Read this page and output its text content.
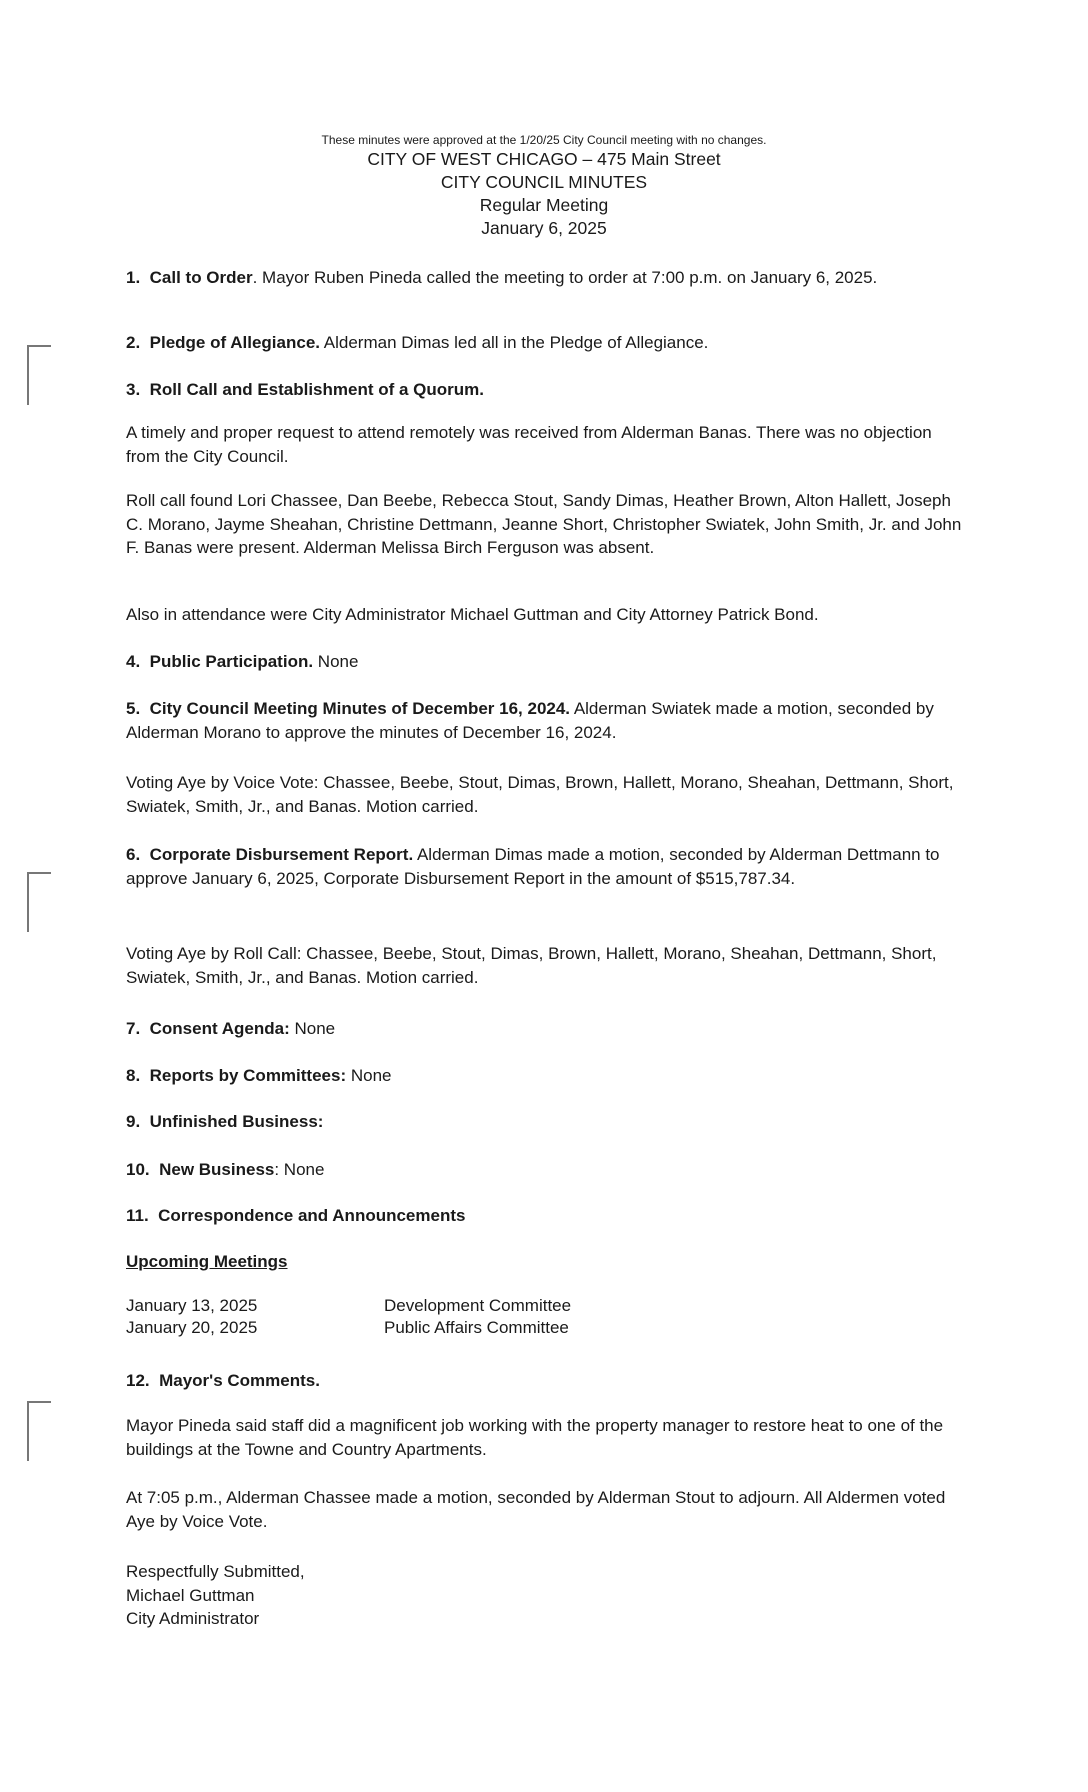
These minutes were approved at the 1/20/25 City Council meeting with no changes.
CITY OF WEST CHICAGO – 475 Main Street
CITY COUNCIL MINUTES
Regular Meeting
January 6, 2025

1. Call to Order. Mayor Ruben Pineda called the meeting to order at 7:00 p.m. on January 6, 2025.

2. Pledge of Allegiance. Alderman Dimas led all in the Pledge of Allegiance.

3. Roll Call and Establishment of a Quorum.

A timely and proper request to attend remotely was received from Alderman Banas. There was no objection from the City Council.

Roll call found Lori Chassee, Dan Beebe, Rebecca Stout, Sandy Dimas, Heather Brown, Alton Hallett, Joseph C. Morano, Jayme Sheahan, Christine Dettmann, Jeanne Short, Christopher Swiatek, John Smith, Jr. and John F. Banas were present. Alderman Melissa Birch Ferguson was absent.

Also in attendance were City Administrator Michael Guttman and City Attorney Patrick Bond.

4. Public Participation. None

5. City Council Meeting Minutes of December 16, 2024. Alderman Swiatek made a motion, seconded by Alderman Morano to approve the minutes of December 16, 2024.

Voting Aye by Voice Vote: Chassee, Beebe, Stout, Dimas, Brown, Hallett, Morano, Sheahan, Dettmann, Short, Swiatek, Smith, Jr., and Banas. Motion carried.

6. Corporate Disbursement Report. Alderman Dimas made a motion, seconded by Alderman Dettmann to approve January 6, 2025, Corporate Disbursement Report in the amount of $515,787.34.

Voting Aye by Roll Call: Chassee, Beebe, Stout, Dimas, Brown, Hallett, Morano, Sheahan, Dettmann, Short, Swiatek, Smith, Jr., and Banas. Motion carried.

7. Consent Agenda: None

8. Reports by Committees: None

9. Unfinished Business:

10. New Business: None

11. Correspondence and Announcements

Upcoming Meetings

January 13, 2025	Development Committee
January 20, 2025	Public Affairs Committee

12. Mayor's Comments.

Mayor Pineda said staff did a magnificent job working with the property manager to restore heat to one of the buildings at the Towne and Country Apartments.

At 7:05 p.m., Alderman Chassee made a motion, seconded by Alderman Stout to adjourn. All Aldermen voted Aye by Voice Vote.

Respectfully Submitted,

Michael Guttman

City Administrator
